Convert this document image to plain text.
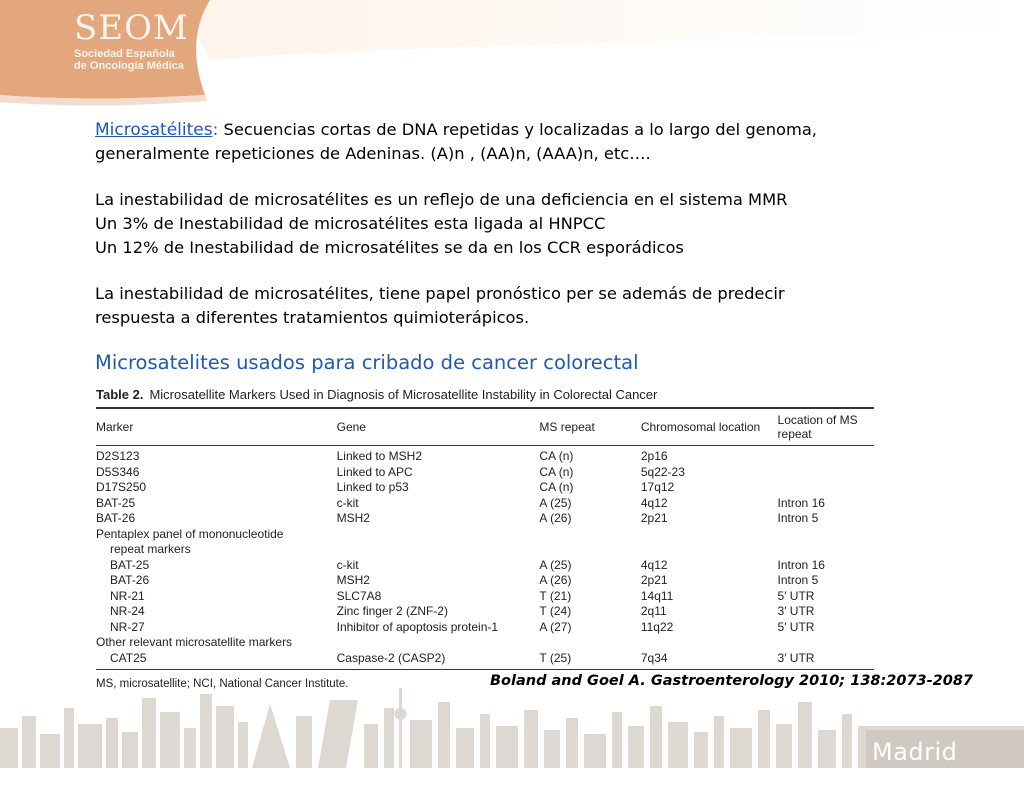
SEOM
Sociedad Española
de Oncología Médica

Microsatélites: Secuencias cortas de DNA repetidas y localizadas a lo largo del genoma,

generalmente repeticiones de Adeninas. (A)n , (AA)n, (AAA)n, etc….

La inestabilidad de microsatélites es un reflejo de una deficiencia en el sistema MMR

Un 3% de Inestabilidad de microsatélites esta ligada al HNPCC

Un 12% de Inestabilidad de microsatélites se da en los CCR esporádicos

La inestabilidad de microsatélites, tiene papel pronóstico per se además de predecir

respuesta a diferentes tratamientos quimioterápicos.

Microsatelites usados para cribado de cancer colorectal
Table 2. Microsatellite Markers Used in Diagnosis of Microsatellite Instability in Colorectal Cancer
Marker	Gene	MS repeat	Chromosomal location	Location of MS repeat
D2S123	Linked to MSH2	CA (n)	2p16	
D5S346	Linked to APC	CA (n)	5q22-23	
D17S250	Linked to p53	CA (n)	17q12	
BAT-25	c-kit	A (25)	4q12	Intron 16
BAT-26	MSH2	A (26)	2p21	Intron 5
Pentaplex panel of mononucleotide				
repeat markers				
BAT-25	c-kit	A (25)	4q12	Intron 16
BAT-26	MSH2	A (26)	2p21	Intron 5
NR-21	SLC7A8	T (21)	14q11	5′ UTR
NR-24	Zinc finger 2 (ZNF-2)	T (24)	2q11	3′ UTR
NR-27	Inhibitor of apoptosis protein-1	A (27)	11q22	5′ UTR
Other relevant microsatellite markers				
CAT25	Caspase-2 (CASP2)	T (25)	7q34	3′ UTR
MS, microsatellite; NCI, National Cancer Institute.	Boland and Goel A. Gastroenterology 2010; 138:2073-2087
Madrid 2010
